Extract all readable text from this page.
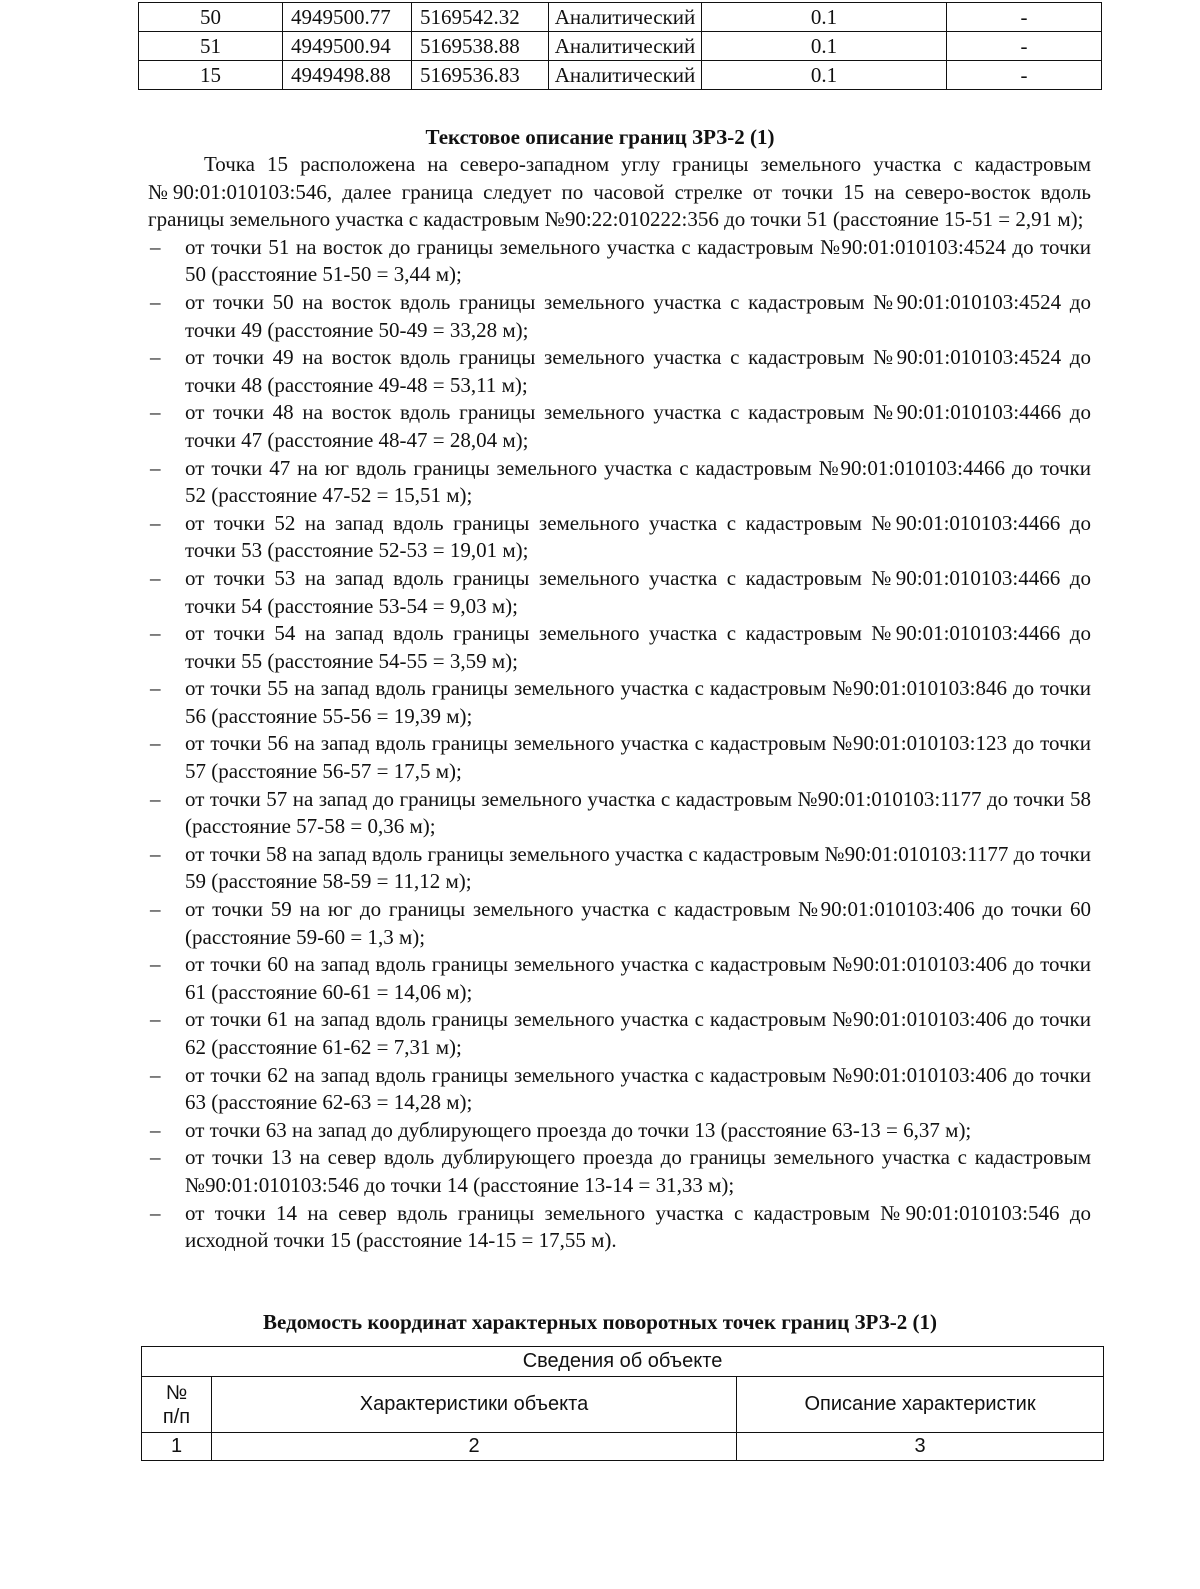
50	4949500.77	5169542.32	Аналитический	0.1	-
51	4949500.94	5169538.88	Аналитический	0.1	-
15	4949498.88	5169536.83	Аналитический	0.1	-
Текстовое описание границ ЗРЗ-2 (1)

Точка 15 расположена на северо-западном углу границы земельного участка с кадастровым №90:01:010103:546, далее граница следует по часовой стрелке от точки 15 на северо-восток вдоль границы земельного участка с кадастровым №90:22:010222:356 до точки 51 (расстояние 15-51 = 2,91 м);

– от точки 51 на восток до границы земельного участка с кадастровым №90:01:010103:4524 до точки 50 (расстояние 51-50 = 3,44 м);
– от точки 50 на восток вдоль границы земельного участка с кадастровым №90:01:010103:4524 до точки 49 (расстояние 50-49 = 33,28 м);
– от точки 49 на восток вдоль границы земельного участка с кадастровым №90:01:010103:4524 до точки 48 (расстояние 49-48 = 53,11 м);
– от точки 48 на восток вдоль границы земельного участка с кадастровым №90:01:010103:4466 до точки 47 (расстояние 48-47 = 28,04 м);
– от точки 47 на юг вдоль границы земельного участка с кадастровым №90:01:010103:4466 до точки 52 (расстояние 47-52 = 15,51 м);
– от точки 52 на запад вдоль границы земельного участка с кадастровым №90:01:010103:4466 до точки 53 (расстояние 52-53 = 19,01 м);
– от точки 53 на запад вдоль границы земельного участка с кадастровым №90:01:010103:4466 до точки 54 (расстояние 53-54 = 9,03 м);
– от точки 54 на запад вдоль границы земельного участка с кадастровым №90:01:010103:4466 до точки 55 (расстояние 54-55 = 3,59 м);
– от точки 55 на запад вдоль границы земельного участка с кадастровым №90:01:010103:846 до точки 56 (расстояние 55-56 = 19,39 м);
– от точки 56 на запад вдоль границы земельного участка с кадастровым №90:01:010103:123 до точки 57 (расстояние 56-57 = 17,5 м);
– от точки 57 на запад до границы земельного участка с кадастровым №90:01:010103:1177 до точки 58 (расстояние 57-58 = 0,36 м);
– от точки 58 на запад вдоль границы земельного участка с кадастровым №90:01:010103:1177 до точки 59 (расстояние 58-59 = 11,12 м);
– от точки 59 на юг до границы земельного участка с кадастровым №90:01:010103:406 до точки 60 (расстояние 59-60 = 1,3 м);
– от точки 60 на запад вдоль границы земельного участка с кадастровым №90:01:010103:406 до точки 61 (расстояние 60-61 = 14,06 м);
– от точки 61 на запад вдоль границы земельного участка с кадастровым №90:01:010103:406 до точки 62 (расстояние 61-62 = 7,31 м);
– от точки 62 на запад вдоль границы земельного участка с кадастровым №90:01:010103:406 до точки 63 (расстояние 62-63 = 14,28 м);
– от точки 63 на запад до дублирующего проезда до точки 13 (расстояние 63-13 = 6,37 м);
– от точки 13 на север вдоль дублирующего проезда до границы земельного участка с кадастровым №90:01:010103:546 до точки 14 (расстояние 13-14 = 31,33 м);
– от точки 14 на север вдоль границы земельного участка с кадастровым №90:01:010103:546 до исходной точки 15 (расстояние 14-15 = 17,55 м).
Ведомость координат характерных поворотных точек границ ЗРЗ-2 (1)
Сведения об объекте		
№
п/п	Характеристики объекта	Описание характеристик
1	2	3
